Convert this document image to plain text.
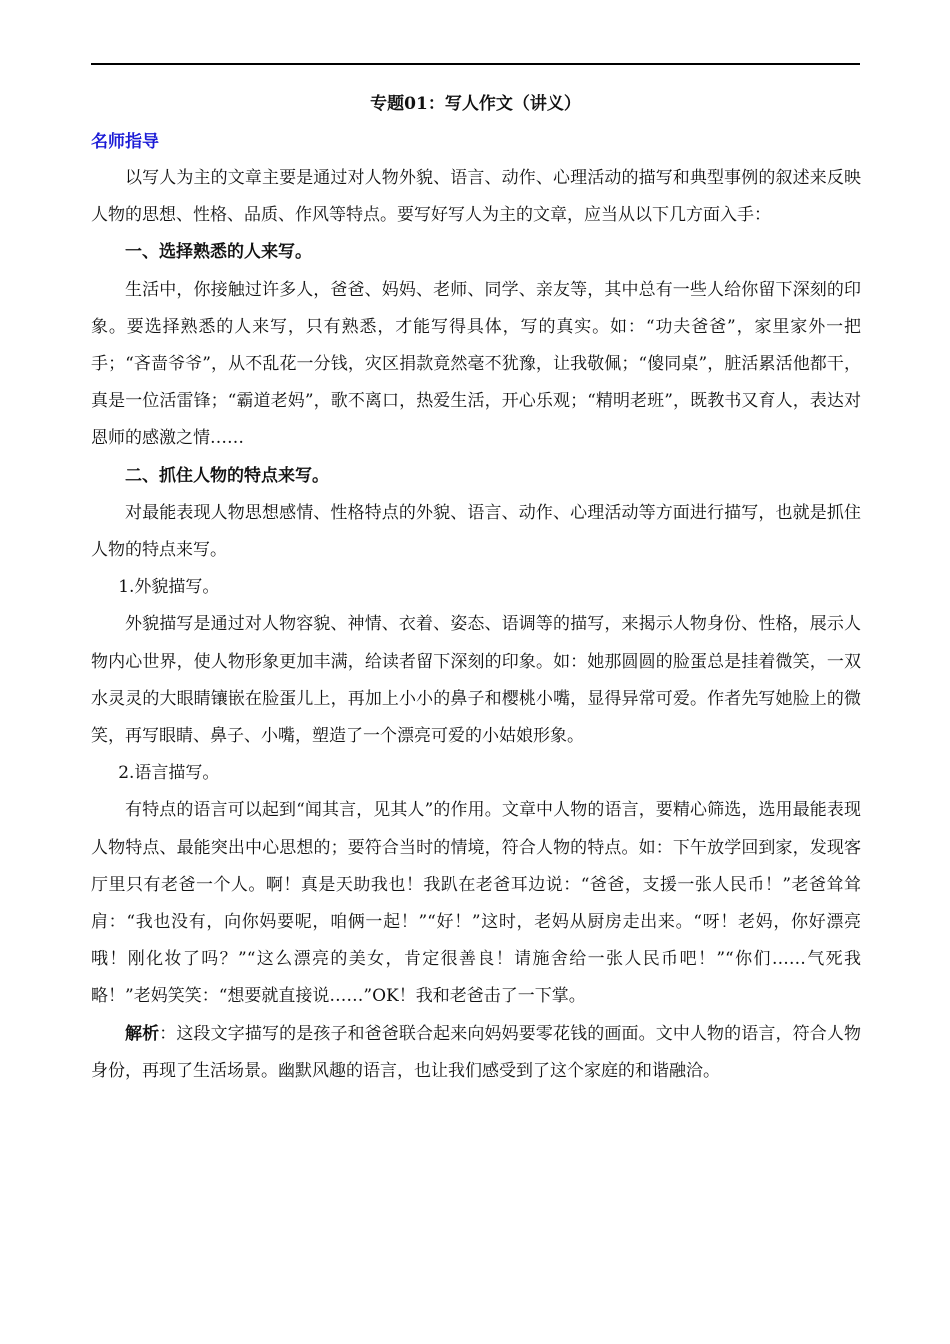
专题01：写人作文（讲义）
名师指导

以写人为主的文章主要是通过对人物外貌、语言、动作、心理活动的描写和典型事例的叙述来反映人物的思想、性格、品质、作风等特点。要写好写人为主的文章，应当从以下几方面入手：

一、选择熟悉的人来写。

生活中，你接触过许多人，爸爸、妈妈、老师、同学、亲友等，其中总有一些人给你留下深刻的印象。要选择熟悉的人来写，只有熟悉，才能写得具体，写的真实。如：“功夫爸爸”，家里家外一把手；“吝啬爷爷”，从不乱花一分钱，灾区捐款竟然毫不犹豫，让我敬佩；“傻同桌”，脏活累活他都干，真是一位活雷锋；“霸道老妈”，歌不离口，热爱生活，开心乐观；“精明老班”，既教书又育人，表达对恩师的感激之情……

二、抓住人物的特点来写。

对最能表现人物思想感情、性格特点的外貌、语言、动作、心理活动等方面进行描写，也就是抓住人物的特点来写。

1.外貌描写。

外貌描写是通过对人物容貌、神情、衣着、姿态、语调等的描写，来揭示人物身份、性格，展示人物内心世界，使人物形象更加丰满，给读者留下深刻的印象。如：她那圆圆的脸蛋总是挂着微笑，一双水灵灵的大眼睛镶嵌在脸蛋儿上，再加上小小的鼻子和樱桃小嘴，显得异常可爱。作者先写她脸上的微笑，再写眼睛、鼻子、小嘴，塑造了一个漂亮可爱的小姑娘形象。

2.语言描写。

有特点的语言可以起到“闻其言，见其人”的作用。文章中人物的语言，要精心筛选，选用最能表现人物特点、最能突出中心思想的；要符合当时的情境，符合人物的特点。如：下午放学回到家，发现客厅里只有老爸一个人。啊！真是天助我也！我趴在老爸耳边说：“爸爸，支援一张人民币！”老爸耸耸肩：“我也没有，向你妈要呢，咱俩一起！”“好！”这时，老妈从厨房走出来。“呀！老妈，你好漂亮哦！刚化妆了吗？”“这么漂亮的美女，肯定很善良！请施舍给一张人民币吧！”“你们……气死我略！”老妈笑笑：“想要就直接说……”OK！我和老爸击了一下掌。

解析：这段文字描写的是孩子和爸爸联合起来向妈妈要零花钱的画面。文中人物的语言，符合人物身份，再现了生活场景。幽默风趣的语言，也让我们感受到了这个家庭的和谐融洽。
